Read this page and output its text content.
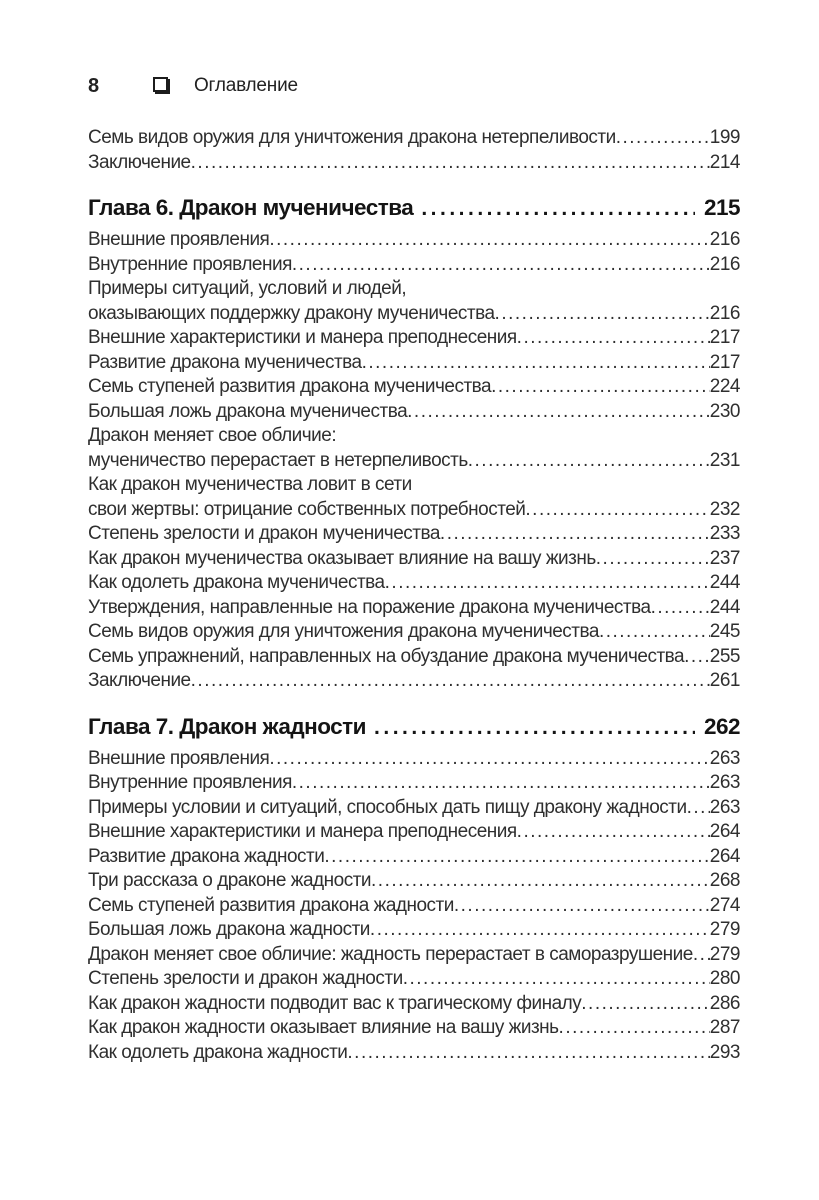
8	Оглавление
Семь видов оружия для уничтожения дракона нетерпеливости .....	199
Заключение .....	214
Глава 6. Дракон мученичества .....	215
Внешние проявления .....	216
Внутренние проявления .....	216
Примеры ситуаций, условий и людей,
оказывающих поддержку дракону мученичества .....	216
Внешние характеристики и манера преподнесения .....	217
Развитие дракона мученичества .....	217
Семь ступеней развития дракона мученичества .....	224
Большая ложь дракона мученичества .....	230
Дракон меняет свое обличие:
мученичество перерастает в нетерпеливость .....	231
Как дракон мученичества ловит в сети
свои жертвы: отрицание собственных потребностей .....	232
Степень зрелости и дракон мученичества .....	233
Как дракон мученичества оказывает влияние на вашу жизнь .....	237
Как одолеть дракона мученичества .....	244
Утверждения, направленные на поражение дракона мученичества .....	244
Семь видов оружия для уничтожения дракона мученичества .....	245
Семь упражнений, направленных на обуздание дракона мученичества ..... 255
Заключение .....	261
Глава 7. Дракон жадности .....	262
Внешние проявления .....	263
Внутренние проявления .....	263
Примеры условии и ситуаций, способных дать пищу дракону жадности ..... 263
Внешние характеристики и манера преподнесения .....	264
Развитие дракона жадности .....	264
Три рассказа о драконе жадности .....	268
Семь ступеней развития дракона жадности .....	274
Большая ложь дракона жадности .....	279
Дракон меняет свое обличие: жадность перерастает в саморазрушение ..... 279
Степень зрелости и дракон жадности .....	280
Как дракон жадности подводит вас к трагическому финалу .....	286
Как дракон жадности оказывает влияние на вашу жизнь .....	287
Как одолеть дракона жадности .....	293
